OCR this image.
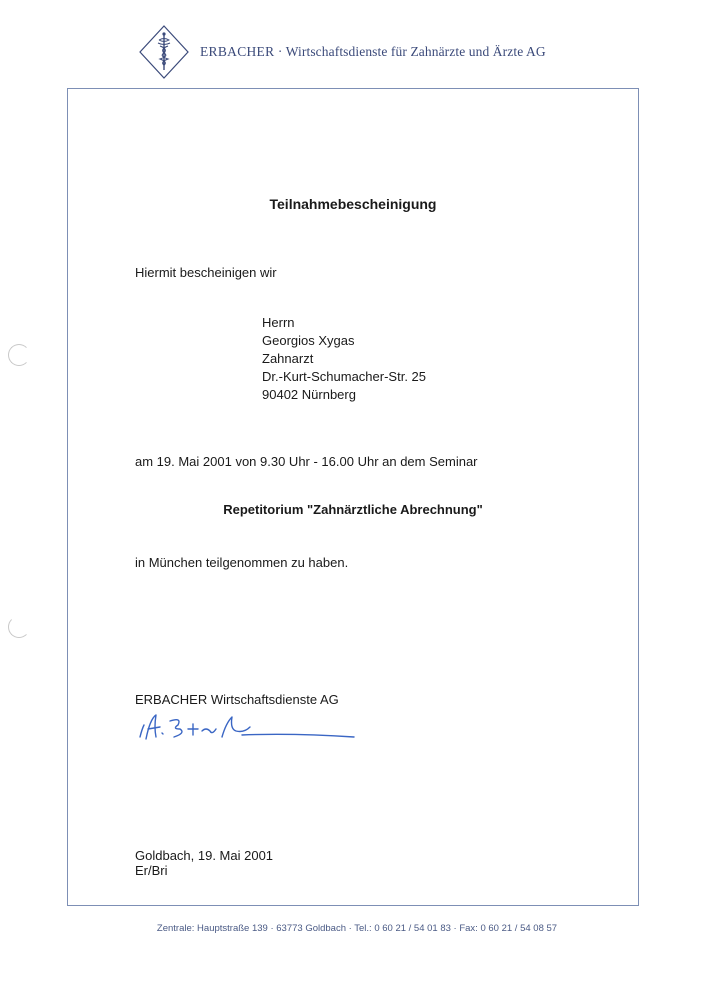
ERBACHER · Wirtschaftsdienste für Zahnärzte und Ärzte AG
Teilnahmebescheinigung
Hiermit bescheinigen wir
Herrn
Georgios Xygas
Zahnarzt
Dr.-Kurt-Schumacher-Str. 25
90402 Nürnberg
am 19. Mai 2001 von 9.30 Uhr - 16.00 Uhr an dem Seminar
Repetitorium "Zahnärztliche Abrechnung"
in München teilgenommen zu haben.
ERBACHER Wirtschaftsdienste AG
Goldbach, 19. Mai 2001
Er/Bri
Zentrale: Hauptstraße 139 · 63773 Goldbach · Tel.: 0 60 21 / 54 01 83 · Fax: 0 60 21 / 54 08 57
